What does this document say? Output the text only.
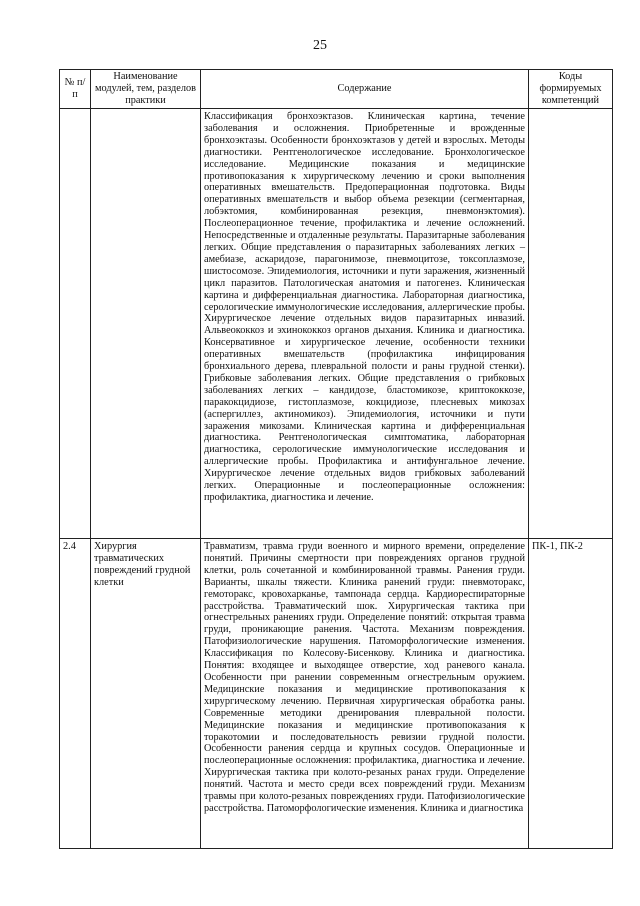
25
№ п/п	Наименование модулей, тем, разделов практики	Содержание	Коды формируемых компетенций
		Классификация бронхоэктазов. Клиническая картина, течение заболевания и осложнения. Приобретенные и врожденные бронхоэктазы. Особенности бронхоэктазов у детей и взрослых. Методы диагностики. Рентгенологическое исследование. Бронхологическое исследование. Медицинские показания и медицинские противопоказания к хирургическому лечению и сроки выполнения оперативных вмешательств. Предоперационная подготовка. Виды оперативных вмешательств и выбор объема резекции (сегментарная, лобэктомия, комбинированная резекция, пневмонэктомия). Послеоперационное течение, профилактика и лечение осложнений. Непосредственные и отдаленные результаты. Паразитарные заболевания легких. Общие представления о паразитарных заболеваниях легких – амебиазе, аскаридозе, парагонимозе, пневмоцитозе, токсоплазмозе, шистосомозе. Эпидемиология, источники и пути заражения, жизненный цикл паразитов. Патологическая анатомия и патогенез. Клиническая картина и дифференциальная диагностика. Лабораторная диагностика, серологические иммунологические исследования, аллергические пробы. Хирургическое лечение отдельных видов паразитарных инвазий. Альвеококкоз и эхинококкоз органов дыхания. Клиника и диагностика. Консервативное и хирургическое лечение, особенности техники оперативных вмешательств (профилактика инфицирования бронхиального дерева, плевральной полости и раны грудной стенки). Грибковые заболевания легких. Общие представления о грибковых заболеваниях легких – кандидозе, бластомикозе, криптококкозе, паракокцидиозе, гистоплазмозе, кокцидиозе, плесневых микозах (аспергиллез, актиномикоз). Эпидемиология, источники и пути заражения микозами. Клиническая картина и дифференциальная диагностика. Рентгенологическая симптоматика, лабораторная диагностика, серологические иммунологические исследования и аллергические пробы. Профилактика и антифунгальное лечение. Хирургическое лечение отдельных видов грибковых заболеваний легких. Операционные и послеоперационные осложнения: профилактика, диагностика и лечение.	
2.4	Хирургия травматических повреждений грудной клетки	Травматизм, травма груди военного и мирного времени, определение понятий. Причины смертности при повреждениях органов грудной клетки, роль сочетанной и комбинированной травмы. Ранения груди. Варианты, шкалы тяжести. Клиника ранений груди: пневмоторакс, гемоторакс, кровохарканье, тампонада сердца. Кардиореспираторные расстройства. Травматический шок. Хирургическая тактика при огнестрельных ранениях груди. Определение понятий: открытая травма груди, проникающие ранения. Частота. Механизм повреждения. Патофизиологические нарушения. Патоморфологические изменения. Классификация по Колесову-Бисенкову. Клиника и диагностика. Понятия: входящее и выходящее отверстие, ход раневого канала. Особенности при ранении современным огнестрельным оружием. Медицинские показания и медицинские противопоказания к хирургическому лечению. Первичная хирургическая обработка раны. Современные методики дренирования плевральной полости. Медицинские показания и медицинские противопоказания к торакотомии и последовательность ревизии грудной полости. Особенности ранения сердца и крупных сосудов. Операционные и послеоперационные осложнения: профилактика, диагностика и лечение. Хирургическая тактика при колото-резаных ранах груди. Определение понятий. Частота и место среди всех повреждений груди. Механизм травмы при колото-резаных повреждениях груди. Патофизиологические расстройства. Патоморфологические изменения. Клиника и диагностика	ПК-1, ПК-2
